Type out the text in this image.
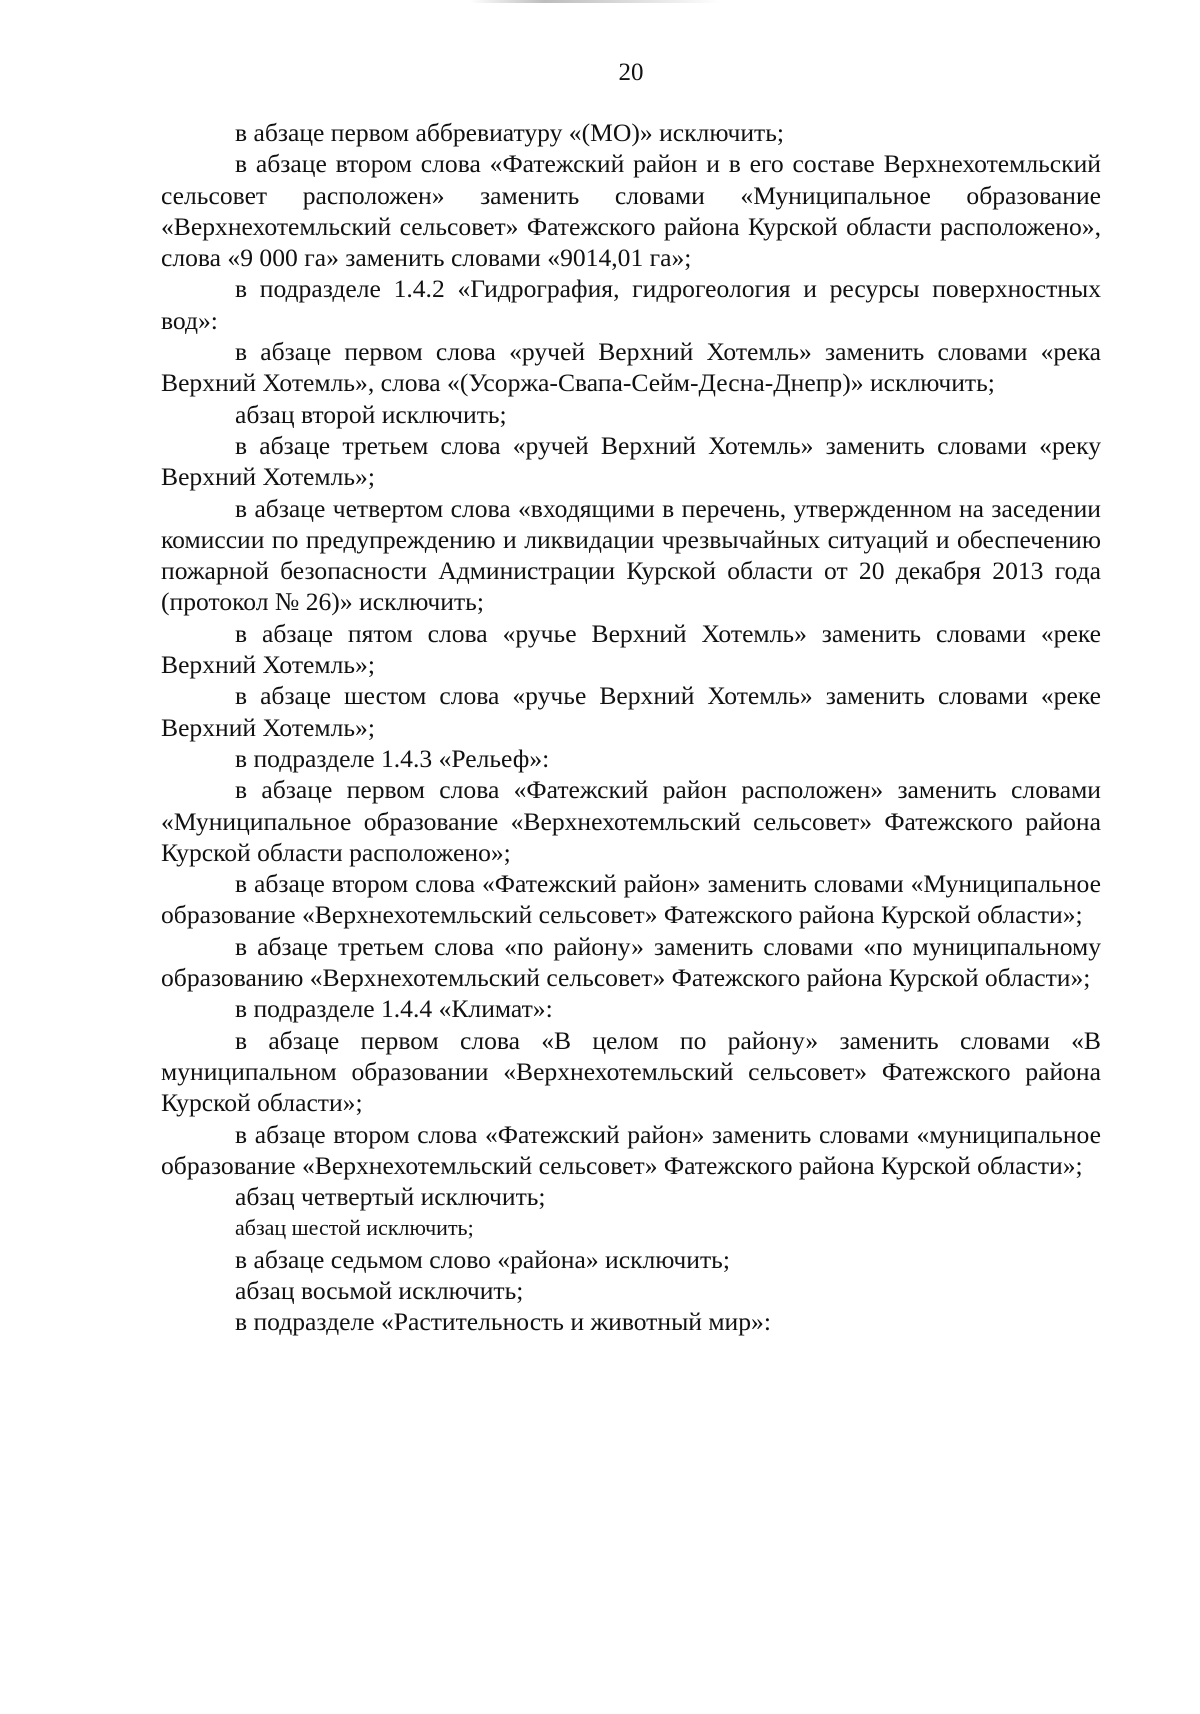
20

в абзаце первом аббревиатуру «(МО)» исключить;

в абзаце втором слова «Фатежский район и в его составе Верхнехотемльский сельсовет расположен» заменить словами «Муниципальное образование «Верхнехотемльский сельсовет» Фатежского района Курской области расположено», слова «9 000 га» заменить словами «9014,01 га»;

в подразделе 1.4.2 «Гидрография, гидрогеология и ресурсы поверхностных вод»:

в абзаце первом слова «ручей Верхний Хотемль» заменить словами «река Верхний Хотемль», слова «(Усоржа-Свапа-Сейм-Десна-Днепр)» исключить;

абзац второй исключить;

в абзаце третьем слова «ручей Верхний Хотемль» заменить словами «реку Верхний Хотемль»;

в абзаце четвертом слова «входящими в перечень, утвержденном на заседении комиссии по предупреждению и ликвидации чрезвычайных ситуаций и обеспечению пожарной безопасности Администрации Курской области от 20 декабря 2013 года (протокол № 26)» исключить;

в абзаце пятом слова «ручье Верхний Хотемль» заменить словами «реке Верхний Хотемль»;

в абзаце шестом слова «ручье Верхний Хотемль» заменить словами «реке Верхний Хотемль»;

в подразделе 1.4.3 «Рельеф»:

в абзаце первом слова «Фатежский район расположен» заменить словами «Муниципальное образование «Верхнехотемльский сельсовет» Фатежского района Курской области расположено»;

в абзаце втором слова «Фатежский район» заменить словами «Муниципальное образование «Верхнехотемльский сельсовет» Фатежского района Курской области»;

в абзаце третьем слова «по району» заменить словами «по муниципальному образованию «Верхнехотемльский сельсовет» Фатежского района Курской области»;

в подразделе 1.4.4 «Климат»:

в абзаце первом слова «В целом по району» заменить словами «В муниципальном образовании «Верхнехотемльский сельсовет» Фатежского района Курской области»;

в абзаце втором слова «Фатежский район» заменить словами «муниципальное образование «Верхнехотемльский сельсовет» Фатежского района Курской области»;

абзац четвертый исключить;

абзац шестой исключить;

в абзаце седьмом слово «района» исключить;

абзац восьмой исключить;

в подразделе «Растительность и животный мир»:
